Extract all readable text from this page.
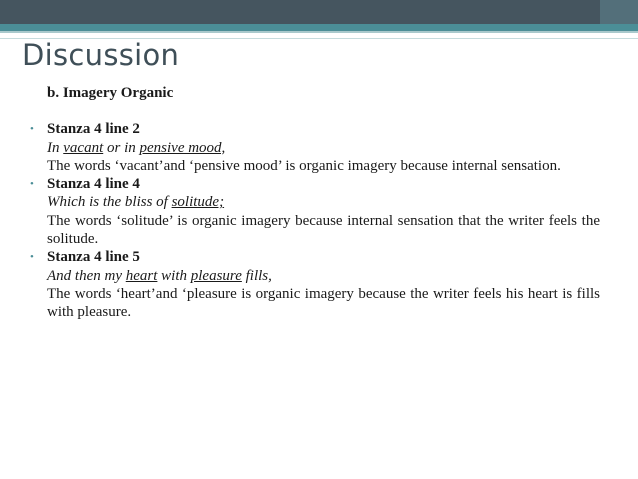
Discussion
b. Imagery Organic
• Stanza 4 line 2
In vacant or in pensive mood,
The words ‘vacant’and ‘pensive mood’ is organic imagery because internal sensation.
• Stanza 4 line 4
Which is the bliss of solitude;
The words ‘solitude’ is organic imagery because internal sensation that the writer feels the solitude.
• Stanza 4 line 5
And then my heart with pleasure fills,
The words ‘heart’and ‘pleasure is organic imagery because the writer feels his heart is fills with pleasure.
